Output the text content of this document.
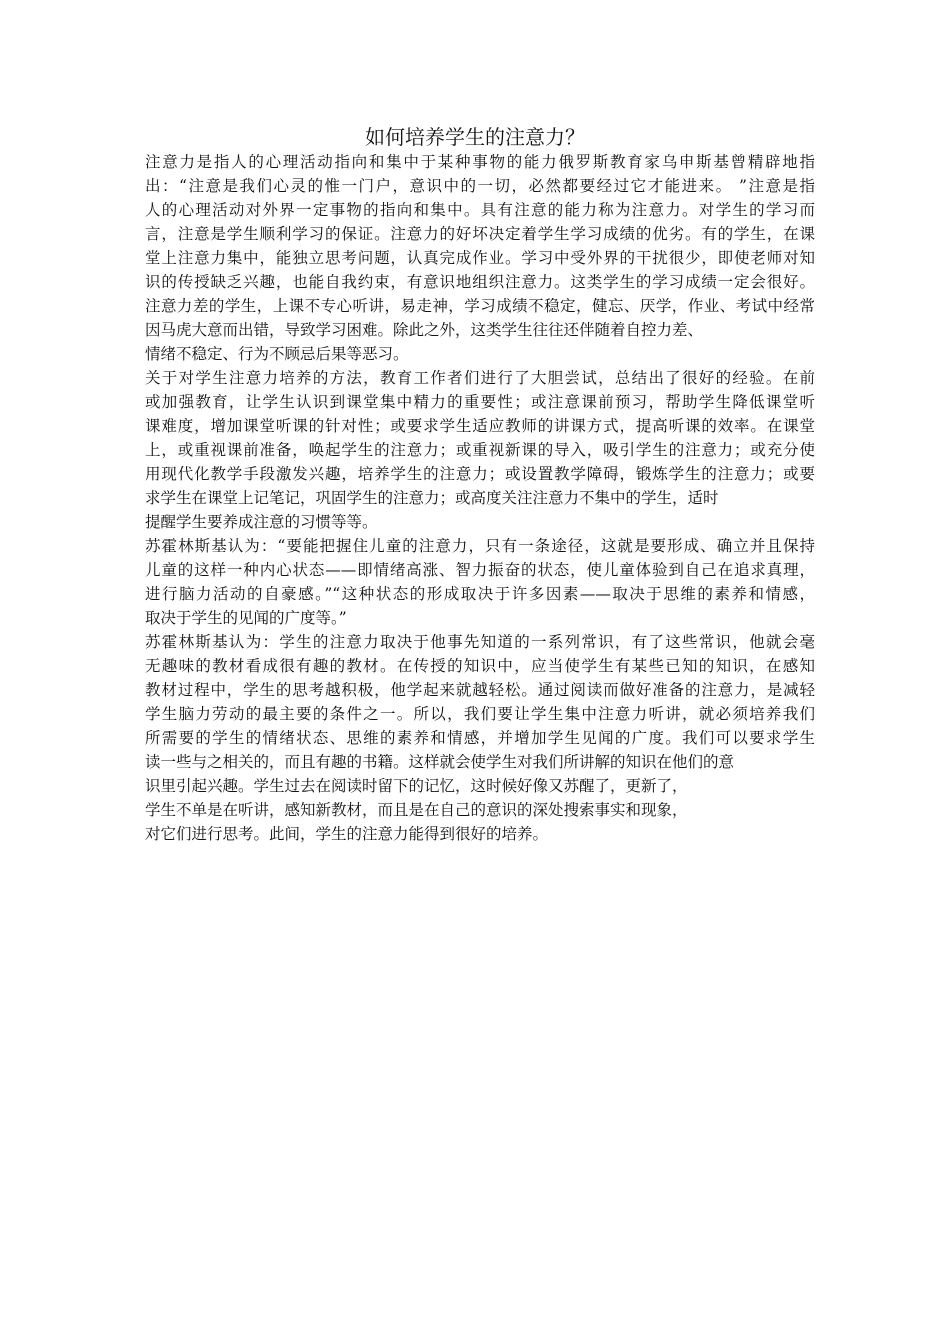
如何培养学生的注意力？
注意力是指人的心理活动指向和集中于某种事物的能力俄罗斯教育家乌申斯基曾精辟地指
出：“注意是我们心灵的惟一门户，意识中的一切，必然都要经过它才能进来。 ”注意是指
人的心理活动对外界一定事物的指向和集中。具有注意的能力称为注意力。对学生的学习而
言，注意是学生顺利学习的保证。注意力的好坏决定着学生学习成绩的优劣。有的学生，在课
堂上注意力集中，能独立思考问题，认真完成作业。学习中受外界的干扰很少，即使老师对知
识的传授缺乏兴趣，也能自我约束，有意识地组织注意力。这类学生的学习成绩一定会很好。
注意力差的学生，上课不专心听讲，易走神，学习成绩不稳定，健忘、厌学，作业、考试中经常
因马虎大意而出错，导致学习困难。除此之外，这类学生往往还伴随着自控力差、
情绪不稳定、行为不顾忌后果等恶习。
关于对学生注意力培养的方法，教育工作者们进行了大胆尝试，总结出了很好的经验。在前
或加强教育，让学生认识到课堂集中精力的重要性；或注意课前预习，帮助学生降低课堂听
课难度，增加课堂听课的针对性；或要求学生适应教师的讲课方式，提高听课的效率。在课堂
上，或重视课前准备，唤起学生的注意力；或重视新课的导入，吸引学生的注意力；或充分使
用现代化教学手段激发兴趣，培养学生的注意力；或设置教学障碍，锻炼学生的注意力；或要
求学生在课堂上记笔记，巩固学生的注意力；或高度关注注意力不集中的学生，适时
提醒学生要养成注意的习惯等等。
苏霍林斯基认为：“要能把握住儿童的注意力，只有一条途径，这就是要形成、确立并且保持
儿童的这样一种内心状态——即情绪高涨、智力振奋的状态，使儿童体验到自己在追求真理，
进行脑力活动的自豪感。”“这种状态的形成取决于许多因素——取决于思维的素养和情感，
取决于学生的见闻的广度等。”
苏霍林斯基认为：学生的注意力取决于他事先知道的一系列常识，有了这些常识，他就会毫
无趣味的教材看成很有趣的教材。在传授的知识中，应当使学生有某些已知的知识，在感知
教材过程中，学生的思考越积极，他学起来就越轻松。通过阅读而做好准备的注意力，是减轻
学生脑力劳动的最主要的条件之一。所以，我们要让学生集中注意力听讲，就必须培养我们
所需要的学生的情绪状态、思维的素养和情感，并增加学生见闻的广度。我们可以要求学生
读一些与之相关的，而且有趣的书籍。这样就会使学生对我们所讲解的知识在他们的意
识里引起兴趣。学生过去在阅读时留下的记忆，这时候好像又苏醒了，更新了，
学生不单是在听讲，感知新教材，而且是在自己的意识的深处搜索事实和现象，
对它们进行思考。此间，学生的注意力能得到很好的培养。
